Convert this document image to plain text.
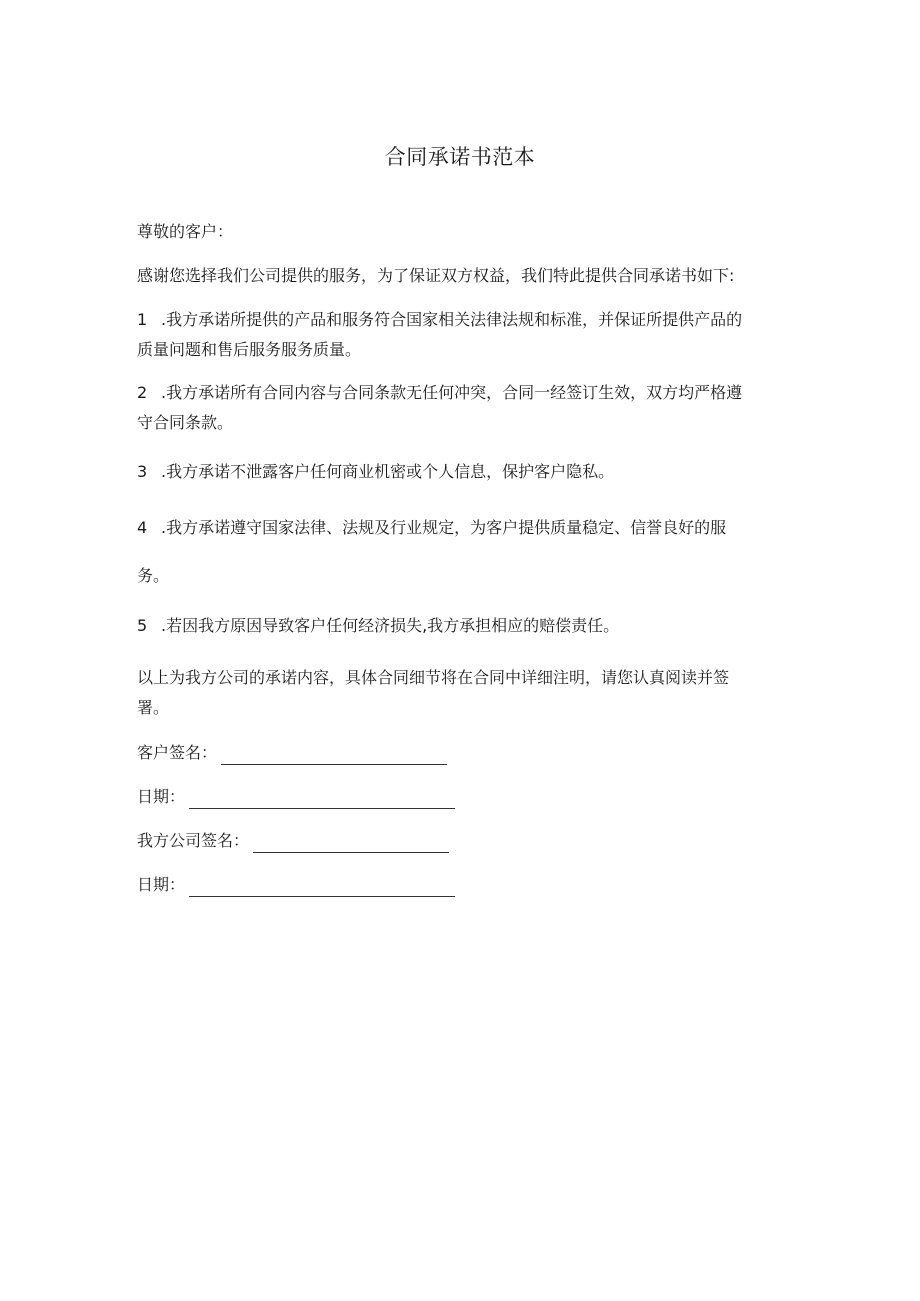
合同承诺书范本
尊敬的客户：
感谢您选择我们公司提供的服务，为了保证双方权益，我们特此提供合同承诺书如下:
1 .我方承诺所提供的产品和服务符合国家相关法律法规和标准，并保证所提供产品的
质量问题和售后服务服务质量。
2 .我方承诺所有合同内容与合同条款无任何冲突，合同一经签订生效，双方均严格遵
守合同条款。
3 .我方承诺不泄露客户任何商业机密或个人信息，保护客户隐私。
4 .我方承诺遵守国家法律、法规及行业规定，为客户提供质量稳定、信誉良好的服
务。
5 .若因我方原因导致客户任何经济损失,我方承担相应的赔偿责任。
以上为我方公司的承诺内容，具体合同细节将在合同中详细注明，请您认真阅读并签
署。
客户签名：
日期：
我方公司签名：
日期：
